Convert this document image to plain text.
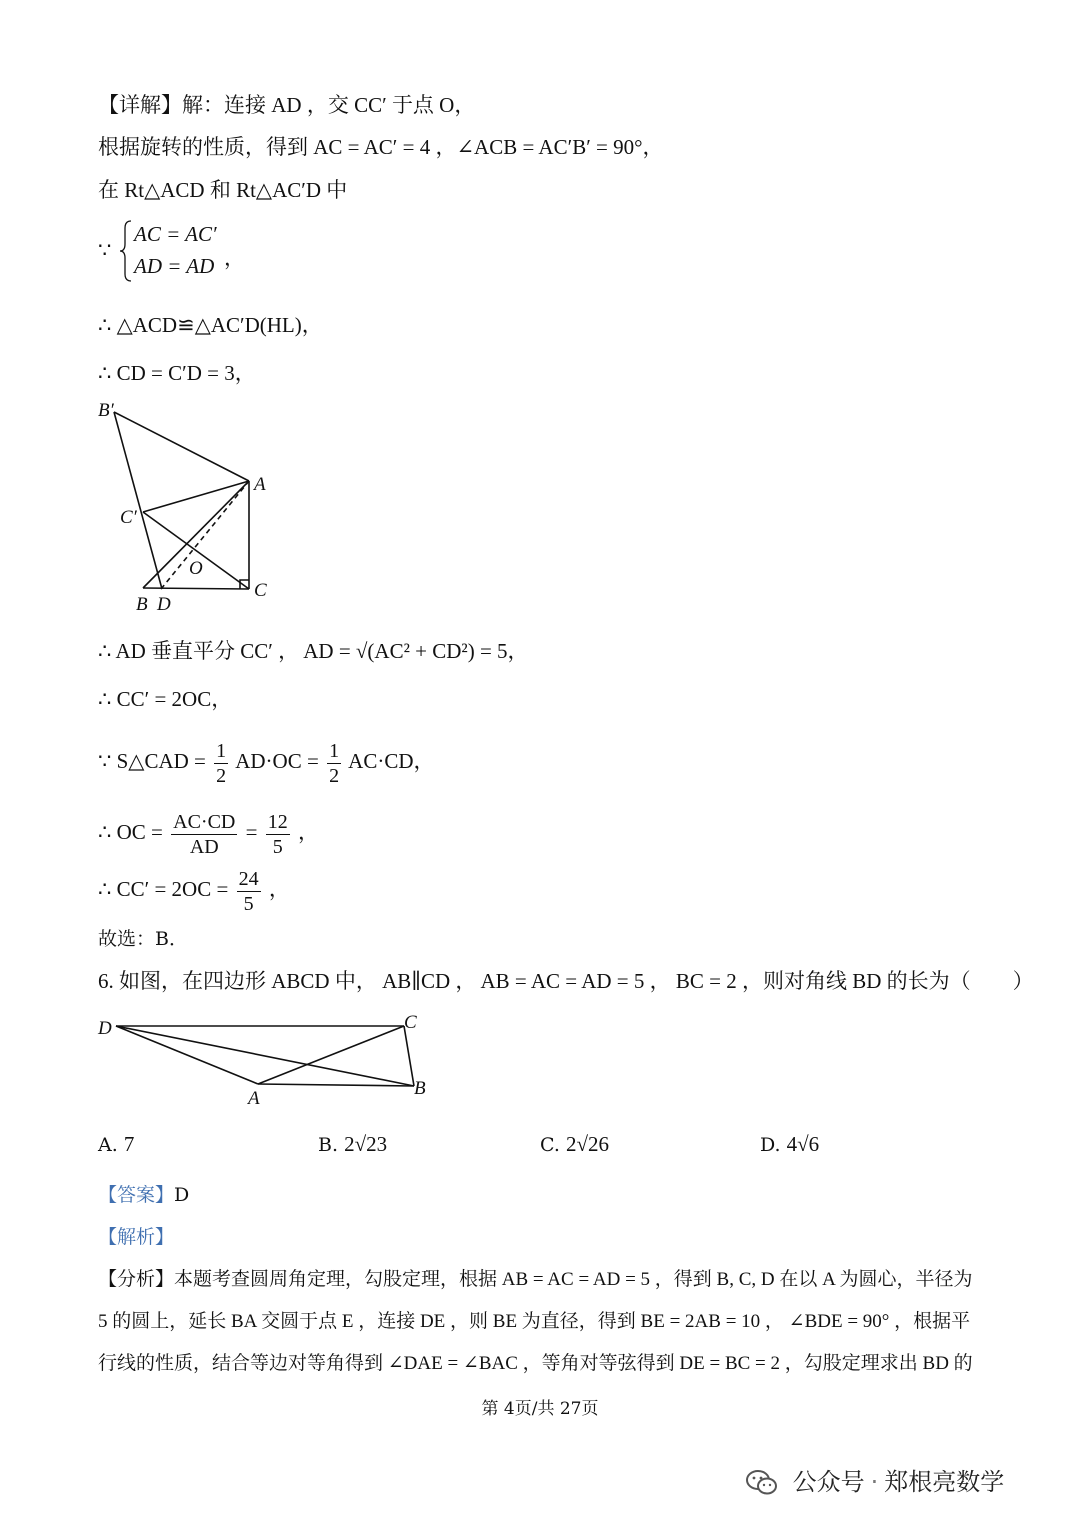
【详解】解：连接 AD ，交 CC′ 于点 O，
根据旋转的性质，得到 AC = AC′ = 4 ，∠ACB = AC′B′ = 90°，
在 Rt△ACD 和 Rt△AC′D 中
∵
AC = AC′
AD = AD ，
∴ △ACD≌△AC′D(HL)，
∴ CD = C′D = 3，
B′
A
C′
O
B D
C
∴ AD 垂直平分 CC′ ， AD = √(AC² + CD²) = 5，
∴ CC′ = 2OC，
∵ S△CAD = $\frac{1}{2} AD\cdot OC = \frac{1}{2} AC\cdot CD$，
∴ OC = $\frac{AC\cdot CD}{AD} = \frac{12}{5}$ ，
∴ $CC' = 2OC = \frac{24}{5}$ ，
故选：B．
6. 如图，在四边形 ABCD 中， AB∥CD ， AB = AC = AD = 5 ， BC = 2 ，则对角线 BD 的长为（　　）
D	C
A	B
A. 7	B. 2√23	C. 2√26	D. 4√6
【答案】D
【解析】
【分析】本题考查圆周角定理，勾股定理，根据 AB = AC = AD = 5 ，得到 B, C, D 在以 A 为圆心，半径为
5 的圆上，延长 BA 交圆于点 E ，连接 DE ，则 BE 为直径，得到 BE = 2AB = 10 ， ∠BDE = 90° ，根据平
行线的性质，结合等边对等角得到 ∠DAE = ∠BAC ，等角对等弦得到 DE = BC = 2 ，勾股定理求出 BD 的
第 4页/共 27页
公众号 · 郑根亮数学
